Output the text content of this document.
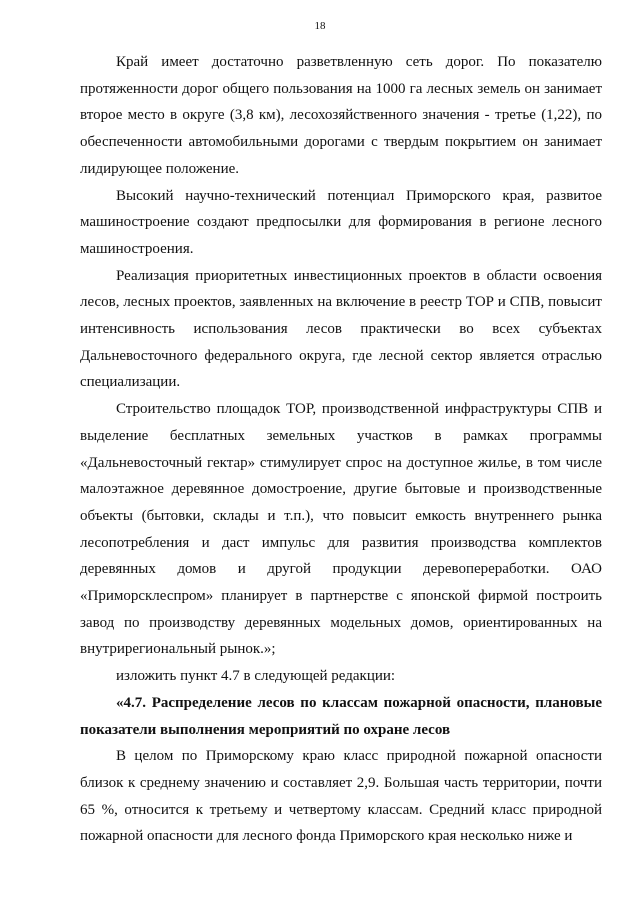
18

Край имеет достаточно разветвленную сеть дорог. По показателю протяженности дорог общего пользования на 1000 га лесных земель он занимает второе место в округе (3,8 км), лесохозяйственного значения - третье (1,22), по обеспеченности автомобильными дорогами с твердым покрытием он занимает лидирующее положение.

Высокий научно-технический потенциал Приморского края, развитое машиностроение создают предпосылки для формирования в регионе лесного машиностроения.

Реализация приоритетных инвестиционных проектов в области освоения лесов, лесных проектов, заявленных на включение в реестр ТОР и СПВ, повысит интенсивность использования лесов практически во всех субъектах Дальневосточного федерального округа, где лесной сектор является отраслью специализации.

Строительство площадок ТОР, производственной инфраструктуры СПВ и выделение бесплатных земельных участков в рамках программы «Дальневосточный гектар» стимулирует спрос на доступное жилье, в том числе малоэтажное деревянное домостроение, другие бытовые и производственные объекты (бытовки, склады и т.п.), что повысит емкость внутреннего рынка лесопотребления и даст импульс для развития производства комплектов деревянных домов и другой продукции деревопереработки. ОАО «Приморсклеспром» планирует в партнерстве с японской фирмой построить завод по производству деревянных модельных домов, ориентированных на внутрирегиональный рынок.»;

изложить пункт 4.7 в следующей редакции:

«4.7. Распределение лесов по классам пожарной опасности, плановые показатели выполнения мероприятий по охране лесов

В целом по Приморскому краю класс природной пожарной опасности близок к среднему значению и составляет 2,9. Большая часть территории, почти 65 %, относится к третьему и четвертому классам. Средний класс природной пожарной опасности для лесного фонда Приморского края несколько ниже и
